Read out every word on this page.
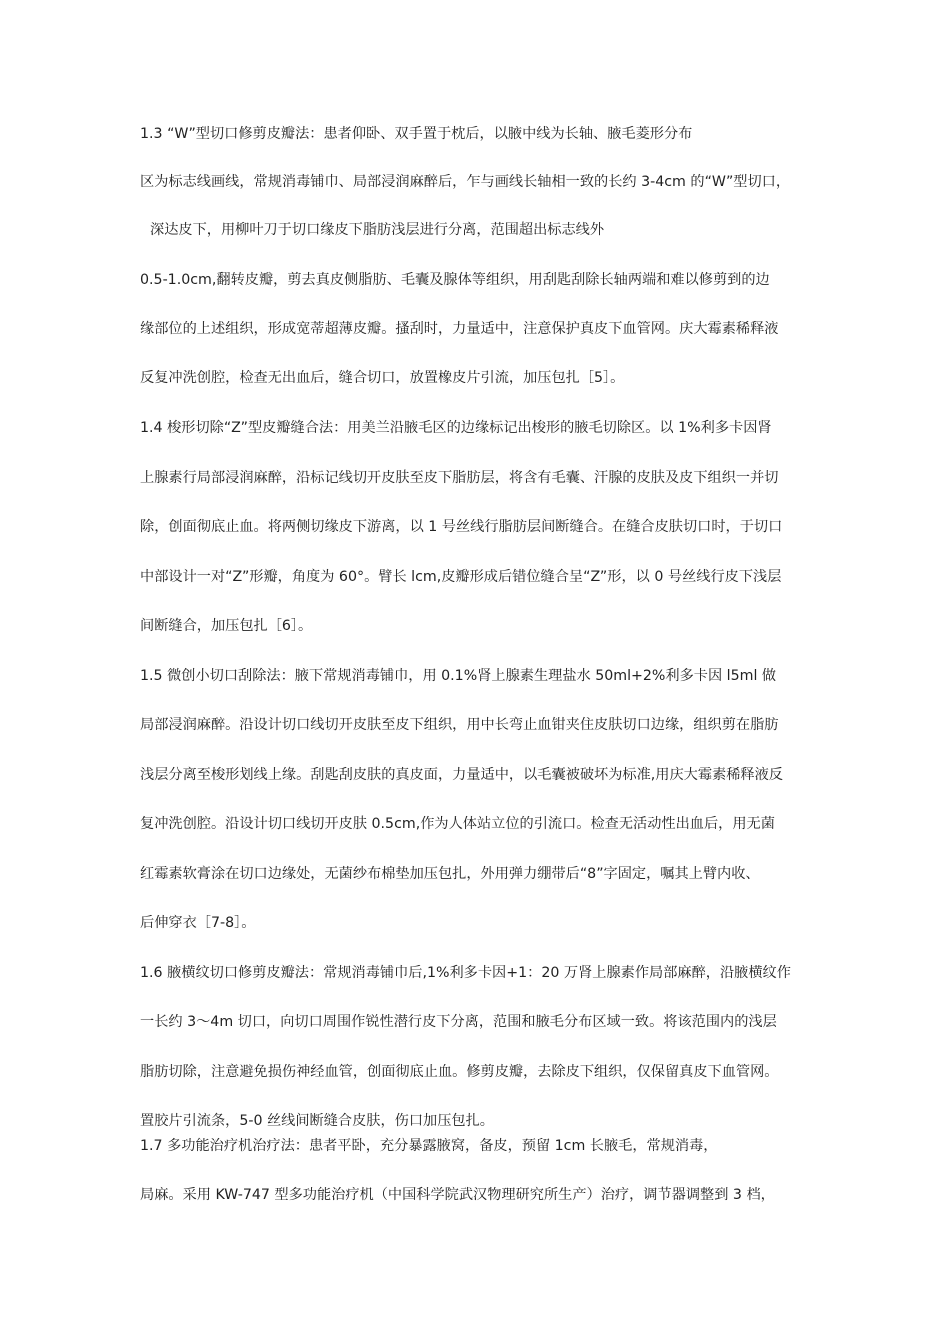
1.3 “W”型切口修剪皮瓣法：患者仰卧、双手置于枕后，以腋中线为长轴、腋毛菱形分布
区为标志线画线，常规消毒铺巾、局部浸润麻醉后，乍与画线长轴相一致的长约 3-4cm 的“W”型切口，
深达皮下，用柳叶刀于切口缘皮下脂肪浅层进行分离，范围超出标志线外
0.5-1.0cm,翻转皮瓣，剪去真皮侧脂肪、毛囊及腺体等组织，用刮匙刮除长轴两端和难以修剪到的边
缘部位的上述组织，形成宽蒂超薄皮瓣。搔刮时，力量适中，注意保护真皮下血管网。庆大霉素稀释液
反复冲洗创腔，检查无出血后，缝合切口，放置橡皮片引流，加压包扎［5］。
1.4 梭形切除“Z”型皮瓣缝合法：用美兰沿腋毛区的边缘标记出梭形的腋毛切除区。以 1%利多卡因肾
上腺素行局部浸润麻醉，沿标记线切开皮肤至皮下脂肪层，将含有毛囊、汗腺的皮肤及皮下组织一并切
除，创面彻底止血。将两侧切缘皮下游离，以 1 号丝线行脂肪层间断缝合。在缝合皮肤切口时，于切口
中部设计一对“Z”形瓣，角度为 60°。臂长 lcm,皮瓣形成后错位缝合呈“Z”形，以 0 号丝线行皮下浅层
间断缝合，加压包扎［6］。
1.5 微创小切口刮除法：腋下常规消毒铺巾，用 0.1%肾上腺素生理盐水 50ml+2%利多卡因 l5ml 做
局部浸润麻醉。沿设计切口线切开皮肤至皮下组织，用中长弯止血钳夹住皮肤切口边缘，组织剪在脂肪
浅层分离至梭形划线上缘。刮匙刮皮肤的真皮面，力量适中，以毛囊被破坏为标准,用庆大霉素稀释液反
复冲洗创腔。沿设计切口线切开皮肤 0.5cm,作为人体站立位的引流口。检查无活动性出血后，用无菌
红霉素软膏涂在切口边缘处，无菌纱布棉垫加压包扎，外用弹力绷带后“8”字固定，嘱其上臂内收、
后伸穿衣［7-8］。
1.6 腋横纹切口修剪皮瓣法：常规消毒铺巾后,1%利多卡因+1：20 万肾上腺素作局部麻醉，沿腋横纹作
一长约 3～4m 切口，向切口周围作锐性潜行皮下分离，范围和腋毛分布区域一致。将该范围内的浅层
脂肪切除，注意避免损伤神经血管，创面彻底止血。修剪皮瓣，去除皮下组织，仅保留真皮下血管网。
置胶片引流条，5-0 丝线间断缝合皮肤，伤口加压包扎。
1.7 多功能治疗机治疗法：患者平卧，充分暴露腋窝，备皮，预留 1cm 长腋毛，常规消毒，
局麻。采用 KW-747 型多功能治疗机（中国科学院武汉物理研究所生产）治疗，调节器调整到 3 档，
